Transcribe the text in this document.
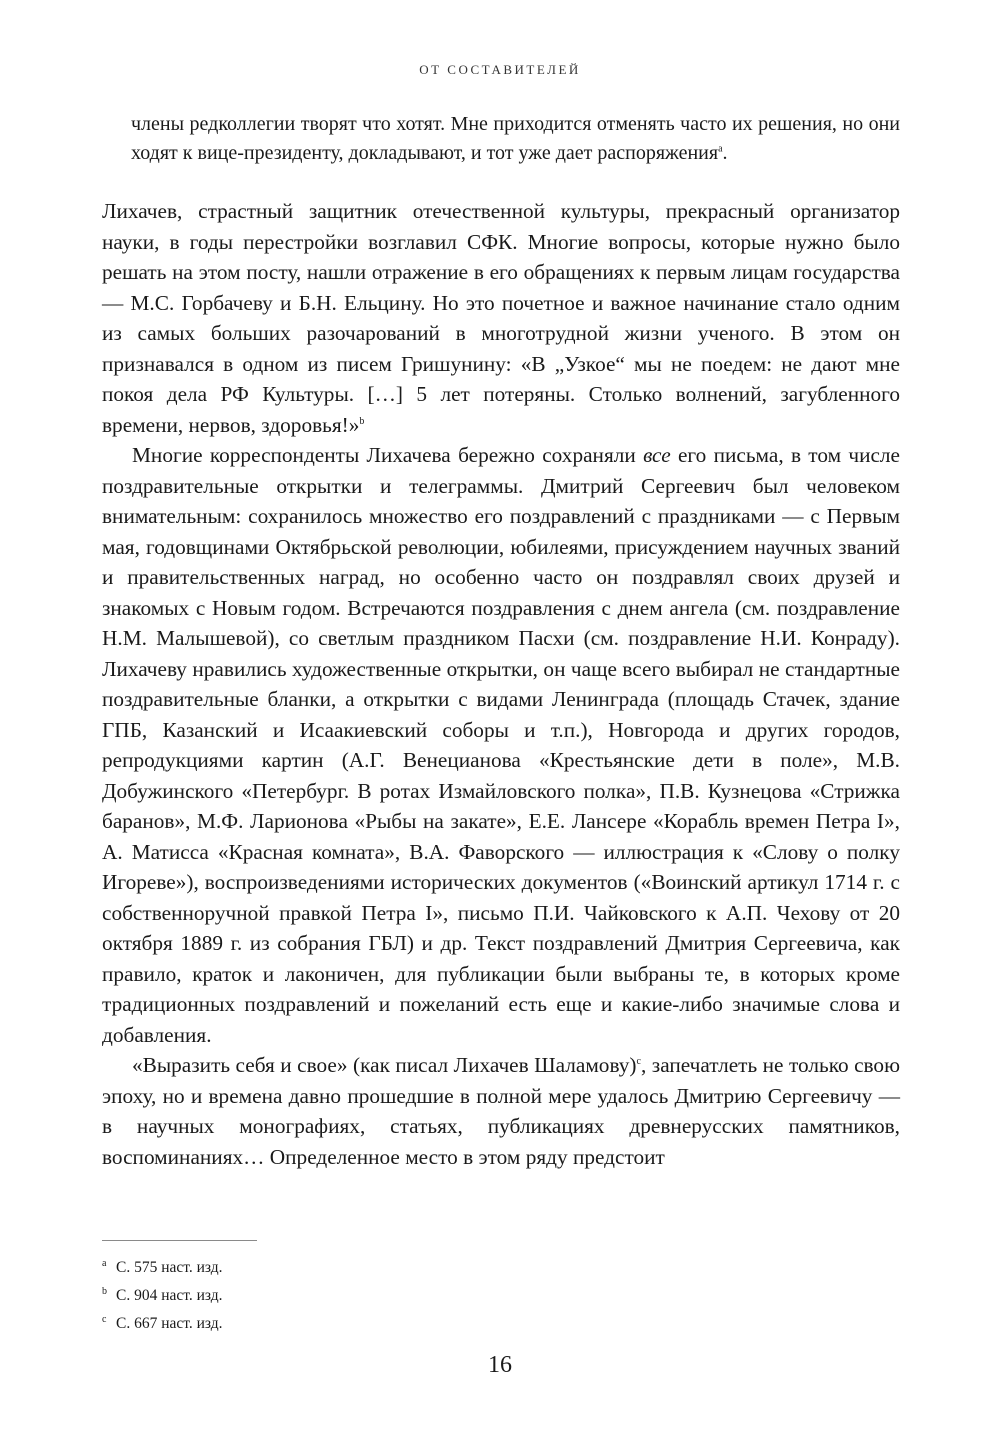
ОТ СОСТАВИТЕЛЕЙ

члены редколлегии творят что хотят. Мне приходится отменять часто их решения, но они ходят к вице-президенту, докладывают, и тот уже дает распоряжения$^a$.

Лихачев, страстный защитник отечественной культуры, прекрасный организатор науки, в годы перестройки возглавил СФК. Многие вопросы, которые нужно было решать на этом посту, нашли отражение в его обращениях к первым лицам государства — М.С. Горбачеву и Б.Н. Ельцину. Но это почетное и важное начинание стало одним из самых больших разочарований в многотрудной жизни ученого. В этом он признавался в одном из писем Гришунину: «В „Узкое“ мы не поедем: не дают мне покоя дела РФ Культуры. […] 5 лет потеряны. Столько волнений, загубленного времени, нервов, здоровья!»$^b$

Многие корреспонденты Лихачева бережно сохраняли все его письма, в том числе поздравительные открытки и телеграммы. Дмитрий Сергеевич был человеком внимательным: сохранилось множество его поздравлений с праздниками — с Первым мая, годовщинами Октябрьской революции, юбилеями, присуждением научных званий и правительственных наград, но особенно часто он поздравлял своих друзей и знакомых с Новым годом. Встречаются поздравления с днем ангела (см. поздравление Н.М. Малышевой), со светлым праздником Пасхи (см. поздравление Н.И. Конраду). Лихачеву нравились художественные открытки, он чаще всего выбирал не стандартные поздравительные бланки, а открытки с видами Ленинграда (площадь Стачек, здание ГПБ, Казанский и Исаакиевский соборы и т.п.), Новгорода и других городов, репродукциями картин (А.Г. Венецианова «Крестьянские дети в поле», М.В. Добужинского «Петербург. В ротах Измайловского полка», П.В. Кузнецова «Стрижка баранов», М.Ф. Ларионова «Рыбы на закате», Е.Е. Лансере «Корабль времен Петра I», А. Матисса «Красная комната», В.А. Фаворского — иллюстрация к «Слову о полку Игореве»), воспроизведениями исторических документов («Воинский артикул 1714 г. с собственноручной правкой Петра I», письмо П.И. Чайковского к А.П. Чехову от 20 октября 1889 г. из собрания ГБЛ) и др. Текст поздравлений Дмитрия Сергеевича, как правило, краток и лаконичен, для публикации были выбраны те, в которых кроме традиционных поздравлений и пожеланий есть еще и какие-либо значимые слова и добавления.

«Выразить себя и свое» (как писал Лихачев Шаламову)$^c$, запечатлеть не только свою эпоху, но и времена давно прошедшие в полной мере удалось Дмитрию Сергеевичу — в научных монографиях, статьях, публикациях древнерусских памятников, воспоминаниях… Определенное место в этом ряду предстоит

a С. 575 наст. изд.
b С. 904 наст. изд.
c С. 667 наст. изд.
16
